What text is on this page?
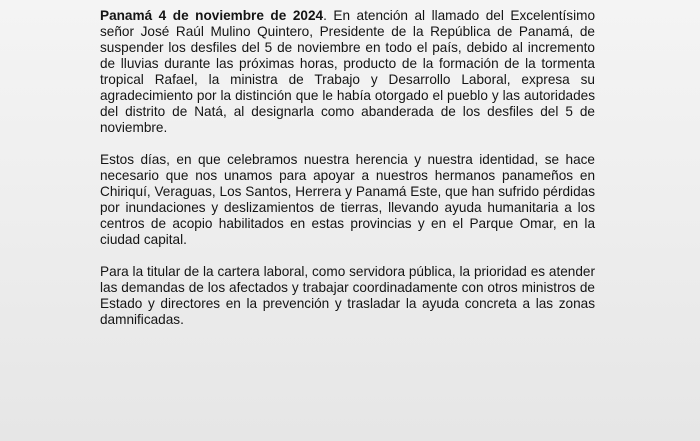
Panamá 4 de noviembre de 2024. En atención al llamado del Excelentísimo señor José Raúl Mulino Quintero, Presidente de la República de Panamá, de suspender los desfiles del 5 de noviembre en todo el país, debido al incremento de lluvias durante las próximas horas, producto de la formación de la tormenta tropical Rafael, la ministra de Trabajo y Desarrollo Laboral, expresa su agradecimiento por la distinción que le había otorgado el pueblo y las autoridades del distrito de Natá, al designarla como abanderada de los desfiles del 5 de noviembre.

Estos días, en que celebramos nuestra herencia y nuestra identidad, se hace necesario que nos unamos para apoyar a nuestros hermanos panameños en Chiriquí, Veraguas, Los Santos, Herrera y Panamá Este, que han sufrido pérdidas por inundaciones y deslizamientos de tierras, llevando ayuda humanitaria a los centros de acopio habilitados en estas provincias y en el Parque Omar, en la ciudad capital.

Para la titular de la cartera laboral, como servidora pública, la prioridad es atender las demandas de los afectados y trabajar coordinadamente con otros ministros de Estado y directores en la prevención y trasladar la ayuda concreta a las zonas damnificadas.
